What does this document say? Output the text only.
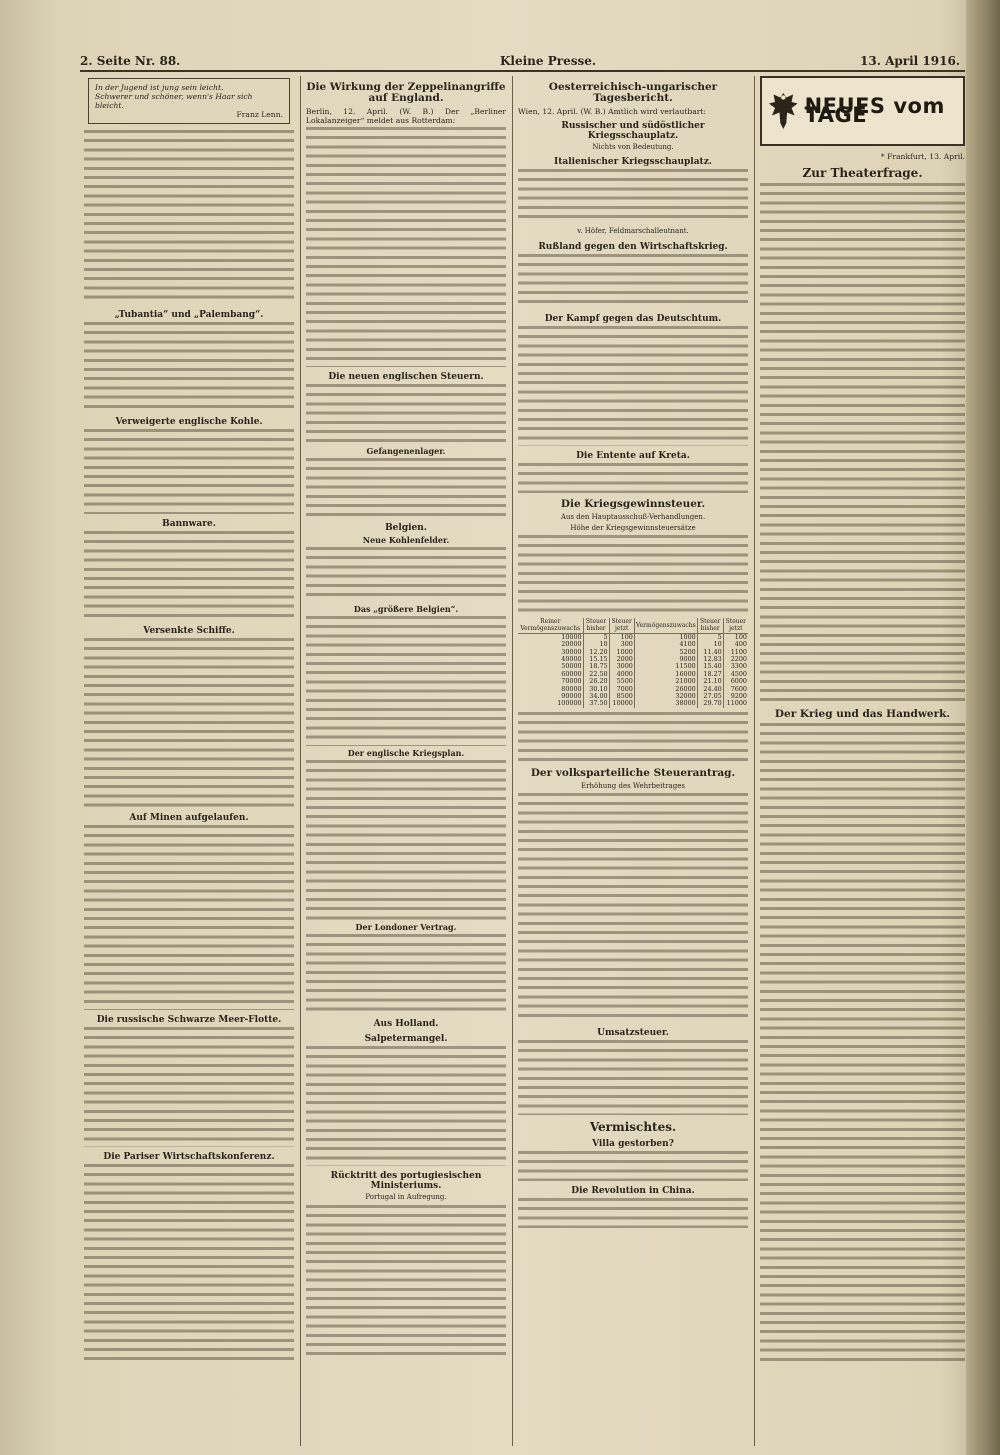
2. Seite Nr. 88.	Kleine Presse.	13. April 1916.
In der Jugend ist jung sein leicht.
Schwerer und schöner, wenn's Haar sich bleicht.
Franz Lenn.
„Tubantia“ und „Palembang“.
Verweigerte englische Kohle.
Bannware.
Versenkte Schiffe.
Auf Minen aufgelaufen.
Die russische Schwarze Meer-Flotte.
Die Pariser Wirtschaftskonferenz.
Die Wirkung der Zeppelinangriffe auf England.

Berlin, 12. April. (W. B.) Der „Berliner Lokalanzeiger“ meldet aus Rotterdam:

Die neuen englischen Steuern.
Gefangenenlager.
Belgien.
Neue Kohlenfelder.
Das „größere Belgien“.
Der englische Kriegsplan.
Der Londoner Vertrag.
Aus Holland.
Salpetermangel.
Rücktritt des portugiesischen Ministeriums.
Portugal in Aufregung.
Oesterreichisch-ungarischer Tagesbericht.

Wien, 12. April. (W. B.) Amtlich wird verlautbart:

Russischer und südöstlicher Kriegsschauplatz.
Nichts von Bedeutung.
Italienischer Kriegsschauplatz.
v. Höfer, Feldmarschalleutnant.
Rußland gegen den Wirtschaftskrieg.
Der Kampf gegen das Deutschtum.
Die Entente auf Kreta.
Die Kriegsgewinnsteuer.
Aus den Hauptausschuß-Verhandlungen.
Höhe der Kriegsgewinnsteuersätze
Reiner Vermögenszuwachs	Steuer bisher	Steuer jetzt	Vermögenszuwachs	Steuer bisher	Steuer jetzt
10000	5	100	1000	5	100
20000	10	300	4100	10	400
30000	12.20	1000	5200	11.40	1100
40000	15.15	2000	9000	12.83	2200
50000	18.75	3000	11500	15.40	3300
60000	22.50	4000	16000	18.27	4500
70000	26.20	5500	21000	21.10	6000
80000	30.10	7000	26000	24.40	7600
90000	34.00	8500	32000	27.05	9200
100000	37.50	10000	38000	29.70	11000
Der volksparteiliche Steuerantrag.
Erhöhung des Wehrbeitrages
Umsatzsteuer.
Vermischtes.
Villa gestorben?
Die Revolution in China.
NEUES vom TAGE
* Frankfurt, 13. April.
Zur Theaterfrage.
Der Krieg und das Handwerk.
